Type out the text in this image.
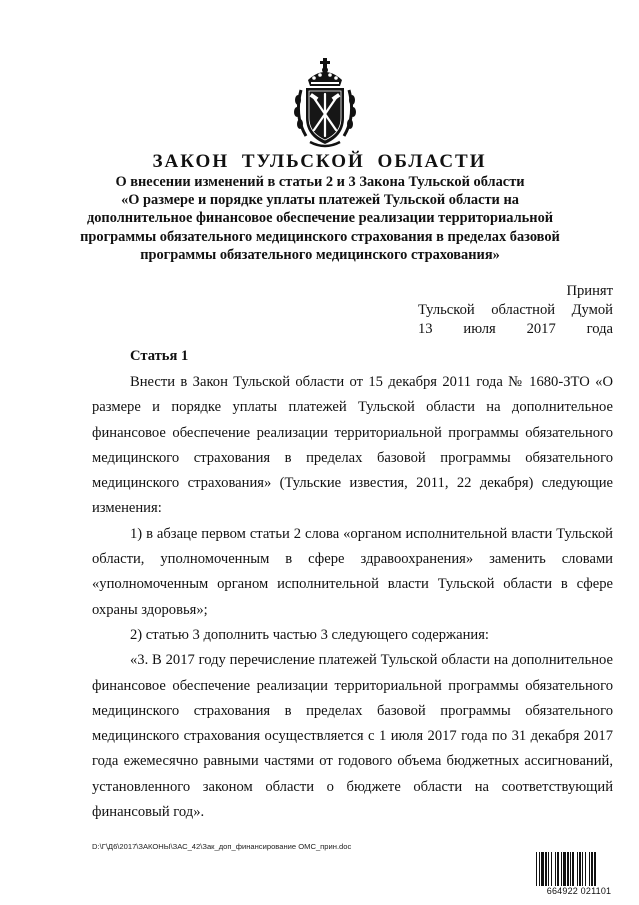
ЗАКОН ТУЛЬСКОЙ ОБЛАСТИ
О внесении изменений в статьи 2 и 3 Закона Тульской области
«О размере и порядке уплаты платежей Тульской области на
дополнительное финансовое обеспечение реализации территориальной
программы обязательного медицинского страхования в пределах базовой
программы обязательного медицинского страхования»
Принят
Тульской областной Думой
13 июля 2017 года
Статья 1

Внести в Закон Тульской области от 15 декабря 2011 года № 1680-ЗТО «О размере и порядке уплаты платежей Тульской области на дополнительное финансовое обеспечение реализации территориальной программы обязательного медицинского страхования в пределах базовой программы обязательного медицинского страхования» (Тульские известия, 2011, 22 декабря) следующие изменения:

1) в абзаце первом статьи 2 слова «органом исполнительной власти Тульской области, уполномоченным в сфере здравоохранения» заменить словами «уполномоченным органом исполнительной власти Тульской области в сфере охраны здоровья»;

2) статью 3 дополнить частью 3 следующего содержания:

«3. В 2017 году перечисление платежей Тульской области на дополнительное финансовое обеспечение реализации территориальной программы обязательного медицинского страхования в пределах базовой программы обязательного медицинского страхования осуществляется с 1 июля 2017 года по 31 декабря 2017 года ежемесячно равными частями от годового объема бюджетных ассигнований, установленного законом области о бюджете области на соответствующий финансовый год».

D:\Г\Д6\2017\ЗАКОНЫ\ЗАС_42\Зак_доп_финансирование ОМС_прин.doc
664922 021101
